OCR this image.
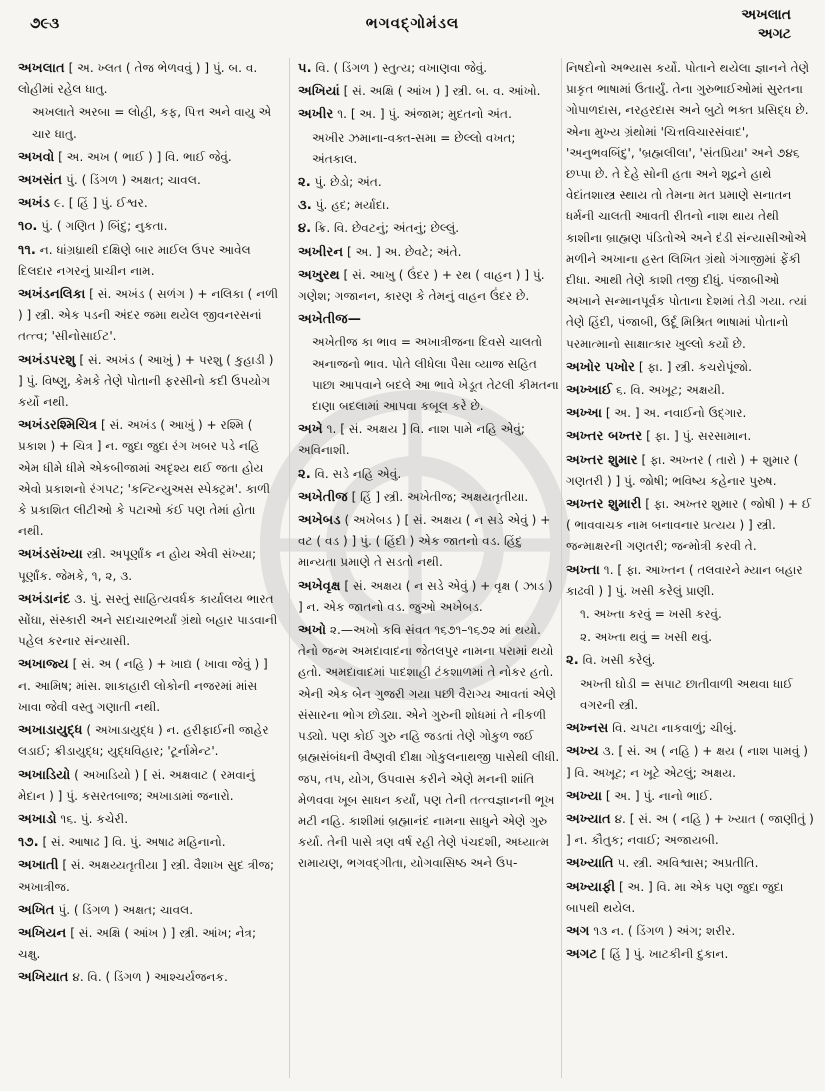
૭૯૩	ભગવદ્ગોમંડલ	અખલાત
અગટ
અખલાત [ અ. ખ્લત ( તેજ ભેળવવું ) ] પું. બ. વ. લોહીમાં રહેલ ધાતુ.
અખલાતે અરબા = લોહી, કફ, પિત્ત અને વાયુ એ ચાર ધાતુ.
અખવો [ અ. અખ ( ભાઈ ) ] વિ. ભાઈ જેવું.
અખસંત પું. ( ડિંગળ ) અક્ષત; ચાવલ.
અખંડ ૯. [ હિં ] પું. ઈશ્વર.
૧૦. પું. ( ગણિત ) બિંદુ; નુકતા.
૧૧. ન. ધાંગ્રધ્રાથી દક્ષિણે બાર માઈલ ઉપર આવેલ દિલદાર નગરનું પ્રાચીન નામ.
અખંડનલિકા [ સં. અખંડ ( સળંગ ) + નલિકા ( નળી ) ] સ્ત્રી. એક પડની અંદર જમા થયેલ જીવનરસનાં તત્ત્વ; 'સીનોસાઈટ'.
અખંડપરશુ [ સં. અખંડ ( આખું ) + પરશુ ( કુહાડી ) ] પું. વિષ્ણુ, કેમકે તેણે પોતાની ફરસીનો કદી ઉપયોગ કર્યો નથી.
અખંડરશ્મિચિત્ર [ સં. અખંડ ( આખું ) + રશ્મિ ( પ્રકાશ ) + ચિત્ર ] ન. જુદા જુદા રંગ ખબર પડે નહિ એમ ધીમે ધીમે એકબીજામાં અદૃશ્ય થઈ જતા હોય એવો પ્રકાશનો રંગપટ; 'કન્ટિન્યુઅસ સ્પેક્ટ્રમ'. કાળી કે પ્રકાશિત લીટીઓ કે પટાઓ કંઈ પણ તેમાં હોતા નથી.
અખંડસંખ્યા સ્ત્રી. અપૂર્ણાંક ન હોય એવી સંખ્યા; પૂર્ણાંક. જેમકે, ૧, ૨, ૩.
અખંડાનંદ ૩. પું. સસ્તું સાહિત્યવર્ધક કાર્યાલય ભારત સોંઘા, સંસ્કારી અને સદાચારભર્યાં ગ્રંથો બહાર પાડવાની પહેલ કરનાર સંન્યાસી.
અખાજ્ય [ સં. અ ( નહિ ) + ખાદ્ય ( ખાવા જેવું ) ] ન. આમિષ; માંસ. શાકાહારી લોકોની નજરમાં માંસ ખાવા જેવી વસ્તુ ગણાતી નથી.
અખાડાયુદ્ધ ( અખાડાયુદ્ધ ) ન. હરીફાઈની જાહેર લડાઈ; ક્રીડાયુદ્ધ; યુદ્ધવિહાર; 'ટૂર્નામેન્ટ'.
અખાડિયો ( અખાડિયો ) [ સં. અક્ષવાટ ( રમવાનું મેદાન ) ] પું. કસરતબાજ; અખાડામાં જનારો.
અખાડો ૧૬. પું. કચેરી.
૧૭. [ સં. આષાઢ ] વિ. પું. અષાઢ મહિનાનો.
અખાતી [ સં. અક્ષય્યતૃતીયા ] સ્ત્રી. વૈશાખ સુદ ત્રીજ; અખાત્રીજ.
અખિત પું. ( ડિંગળ ) અક્ષત; ચાવલ.
અખિયન [ સં. અક્ષિ ( આંખ ) ] સ્ત્રી. આંખ; નેત્ર; ચક્ષુ.
અખિયાત ૪. વિ. ( ડિંગળ ) આશ્ચર્યજનક.
૫. વિ. ( ડિંગળ ) સ્તુત્ય; વખાણવા જેવું.
અખિયાં [ સં. અક્ષિ ( આંખ ) ] સ્ત્રી. બ. વ. આંખો.
અખીર ૧. [ અ. ] પું. અંજામ; મુદતનો અંત.
અખીર ઝમાના-વક્ત-સમા = છેલ્લો વખત; અંતકાલ.
૨. પું. છેડો; અંત.
૩. પું. હદ; મર્યાદા.
૪. ક્રિ. વિ. છેવટનું; અંતનું; છેલ્લું.
અખીરન [ અ. ] અ. છેવટે; અંતે.
અખુરથ [ સં. આખુ ( ઉંદર ) + રથ ( વાહન ) ] પું. ગણેશ; ગજાનન, કારણ કે તેમનું વાહન ઉંદર છે.
અખેતીજ—
અખેતીજ કા ભાવ = અખાત્રીજના દિવસે ચાલતો અનાજનો ભાવ. પોતે લીધેલા પૈસા વ્યાજ સહિત પાછા આપવાને બદલે આ ભાવે ખેડૂત તેટલી કીમતના દાણા બદલામાં આપવા કબૂલ કરે છે.
અખે ૧. [ સં. અક્ષય ] વિ. નાશ પામે નહિ એવું; અવિનાશી.
૨. વિ. સડે નહિ એવું.
અખેતીજ [ હિં ] સ્ત્રી. અખેતીજ; અક્ષયતૃતીયા.
અખેબડ ( અખેબડ ) [ સં. અક્ષય ( ન સડે એવું ) + વટ ( વડ ) ] પું. ( હિંદી ) એક જાતનો વડ. હિંદુ માન્યતા પ્રમાણે તે સડતો નથી.
અખેવૃક્ષ [ સં. અક્ષય ( ન સડે એવું ) + વૃક્ષ ( ઝાડ ) ] ન. એક જાતનો વડ. જુઓ અખેબડ.
અખો ૨.—અખો કવિ સંવત ૧૬૭૧–૧૬૭૨ માં થયો. તેનો જન્મ અમદાવાદના જેતલપુર નામના પરામાં થયો હતો. અમદાવાદમાં પાદશાહી ટંકશાળમાં તે નોકર હતો. એની એક બેન ગુજરી ગયા પછી વૈરાગ્ય આવતાં એણે સંસારના ભોગ છોડ્યા. એને ગુરુની શોધમાં તે નીકળી પડ્યો. પણ કોઈ ગુરુ નહિ જડતાં તેણે ગોકુળ જઈ બ્રહ્મસંબંધની વૈષ્ણવી દીક્ષા ગોકુલનાથજી પાસેથી લીધી. જપ, તપ, યોગ, ઉપવાસ કરીને એણે મનની શાંતિ મેળવવા ખૂબ સાધન કર્યાં, પણ તેની તત્ત્વજ્ઞાનની ભૂખ મટી નહિ. કાશીમાં બ્રહ્માનંદ નામના સાધુને એણે ગુરુ કર્યા. તેની પાસે ત્રણ વર્ષ રહી તેણે પંચદશી, અધ્યાત્મ રામાયણ, ભગવદ્ગીતા, યોગવાસિષ્ઠ અને ઉપ-
નિષદોનો અભ્યાસ કર્યો. પોતાને થયેલા જ્ઞાનને તેણે પ્રાકૃત ભાષામાં ઉતાર્યું. તેના ગુરુભાઈઓમાં સુરતના ગોપાળદાસ, નરહરદાસ અને બુટો ભક્ત પ્રસિદ્ધ છે. એના મુખ્ય ગ્રંથોમાં 'ચિત્તવિચારસંવાદ', 'અનુભવબિંદુ', 'બ્રહ્મલીલા', 'સંતપ્રિયા' અને ૭૪૬ છપ્પા છે. તે દેહે સોની હતા અને શૂદ્રને હાથે વેદાંતશાસ્ત્ર સ્થાય તો તેમના મત પ્રમાણે સનાતન ધર્મની ચાલતી આવતી રીતનો નાશ થાય તેથી કાશીના બ્રાહ્મણ પંડિતોએ અને દંડી સંન્યાસીઓએ મળીને અખાના હસ્ત લિખિત ગ્રંથો ગંગાજીમાં ફેંકી દીધા. આથી તેણે કાશી તજી દીધું. પંજાબીઓ અખાને સન્માનપૂર્વક પોતાના દેશમાં તેડી ગયા. ત્યાં તેણે હિંદી, પંજાબી, ઉર્દૂ મિશ્રિત ભાષામાં પોતાનો પરમાત્માનો સાક્ષાત્કાર ખુલ્લો કર્યો છે.
અખોર પખોર [ ફા. ] સ્ત્રી. કચરોપૂંજો.
અખ્ખાઈ ૬. વિ. અખૂટ; અક્ષયી.
અખ્ખા [ અ. ] અ. નવાઈનો ઉદ્ગાર.
અખ્તર બખ્તર [ ફા. ] પું. સરસામાન.
અખ્તર શુમાર [ ફા. અખ્તર ( તારો ) + શુમાર ( ગણતરી ) ] પું. જોષી; ભવિષ્ય કહેનાર પુરુષ.
અખ્તર શુમારી [ ફા. અખ્તર શુમાર ( જોષી ) + ઈ ( ભાવવાચક નામ બનાવનાર પ્રત્યય ) ] સ્ત્રી. જન્માક્ષરની ગણતરી; જન્મોત્રી કરવી તે.
અખ્તા ૧. [ ફા. આખ્તન ( તલવારને મ્યાન બહાર કાઢવી ) ] પું. ખસી કરેલું પ્રાણી.
૧. અખ્તા કરવું = ખસી કરવું.
૨. અખ્તા થવું = ખસી થવું.
૨. વિ. ખસી કરેલું.
અખ્તી ઘોડી = સપાટ છાતીવાળી અથવા ધાઈ વગરની સ્ત્રી.
અખ્નસ વિ. ચપટા નાકવાળું; ચીબું.
અખ્ય ૩. [ સં. અ ( નહિ ) + ક્ષય ( નાશ પામવું ) ] વિ. અખૂટ; ન ખૂટે એટલું; અક્ષય.
અખ્યા [ અ. ] પું. નાનો ભાઈ.
અખ્યાત ૪. [ સં. અ ( નહિ ) + ખ્યાત ( જાણીતું ) ] ન. કૌતુક; નવાઈ; અજાયબી.
અખ્યાતિ ૫. સ્ત્રી. અવિશ્વાસ; અપ્રતીતિ.
અખ્યાફી [ અ. ] વિ. મા એક પણ જુદા જુદા બાપથી થયેલ.
અગ ૧૩ ન. ( ડિંગળ ) અંગ; શરીર.
અગટ [ હિં ] પું. ખાટકીની દુકાન.
